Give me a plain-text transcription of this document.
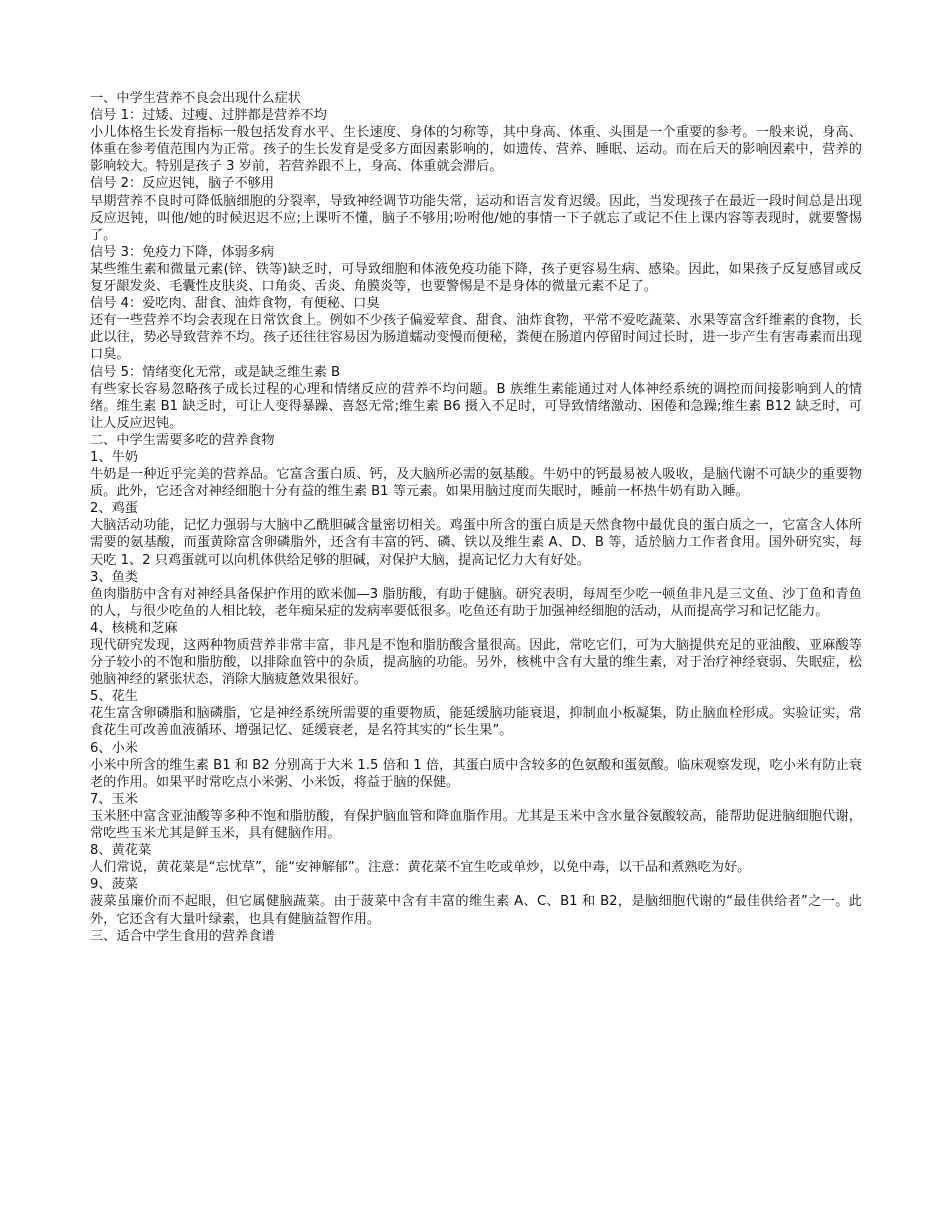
一、中学生营养不良会出现什么症状
信号 1：过矮、过瘦、过胖都是营养不均

小儿体格生长发育指标一般包括发育水平、生长速度、身体的匀称等，其中身高、体重、头围是一个重要的参考。一般来说，身高、体重在参考值范围内为正常。孩子的生长发育是受多方面因素影响的，如遗传、营养、睡眠、运动。而在后天的影响因素中，营养的影响较大。特别是孩子 3 岁前，若营养跟不上，身高、体重就会滞后。

信号 2：反应迟钝，脑子不够用

早期营养不良时可降低脑细胞的分裂率，导致神经调节功能失常，运动和语言发育迟缓。因此，当发现孩子在最近一段时间总是出现反应迟钝，叫他/她的时候迟迟不应;上课听不懂，脑子不够用;吩咐他/她的事情一下子就忘了或记不住上课内容等表现时，就要警惕了。

信号 3：免疫力下降，体弱多病

某些维生素和微量元素(锌、铁等)缺乏时，可导致细胞和体液免疫功能下降，孩子更容易生病、感染。因此，如果孩子反复感冒或反复牙龈发炎、毛囊性皮肤炎、口角炎、舌炎、角膜炎等，也要警惕是不是身体的微量元素不足了。

信号 4：爱吃肉、甜食、油炸食物，有便秘、口臭

还有一些营养不均会表现在日常饮食上。例如不少孩子偏爱荤食、甜食、油炸食物，平常不爱吃蔬菜、水果等富含纤维素的食物，长此以往，势必导致营养不均。孩子还往往容易因为肠道蠕动变慢而便秘，粪便在肠道内停留时间过长时，进一步产生有害毒素而出现口臭。

信号 5：情绪变化无常，或是缺乏维生素 B

有些家长容易忽略孩子成长过程的心理和情绪反应的营养不均问题。B 族维生素能通过对人体神经系统的调控而间接影响到人的情绪。维生素 B1 缺乏时，可让人变得暴躁、喜怒无常;维生素 B6 摄入不足时，可导致情绪激动、困倦和急躁;维生素 B12 缺乏时，可让人反应迟钝。

二、中学生需要多吃的营养食物
1、牛奶

牛奶是一种近乎完美的营养品。它富含蛋白质、钙，及大脑所必需的氨基酸。牛奶中的钙最易被人吸收，是脑代谢不可缺少的重要物质。此外，它还含对神经细胞十分有益的维生素 B1 等元素。如果用脑过度而失眠时，睡前一杯热牛奶有助入睡。

2、鸡蛋

大脑活动功能，记忆力强弱与大脑中乙酰胆碱含量密切相关。鸡蛋中所含的蛋白质是天然食物中最优良的蛋白质之一，它富含人体所需要的氨基酸，而蛋黄除富含卵磷脂外，还含有丰富的钙、磷、铁以及维生素 A、D、B 等，适於脑力工作者食用。国外研究实，每天吃 1、2 只鸡蛋就可以向机体供给足够的胆碱，对保护大脑，提高记忆力大有好处。

3、鱼类

鱼肉脂肪中含有对神经具备保护作用的欧米伽—3 脂肪酸，有助于健脑。研究表明，每周至少吃一顿鱼非凡是三文鱼、沙丁鱼和青鱼的人，与很少吃鱼的人相比较，老年痴呆症的发病率要低很多。吃鱼还有助于加强神经细胞的活动，从而提高学习和记忆能力。

4、核桃和芝麻

现代研究发现，这两种物质营养非常丰富，非凡是不饱和脂肪酸含量很高。因此，常吃它们，可为大脑提供充足的亚油酸、亚麻酸等分子较小的不饱和脂肪酸，以排除血管中的杂质，提高脑的功能。另外，核桃中含有大量的维生素，对于治疗神经衰弱、失眠症，松弛脑神经的紧张状态，消除大脑疲惫效果很好。

5、花生

花生富含卵磷脂和脑磷脂，它是神经系统所需要的重要物质，能延缓脑功能衰退，抑制血小板凝集，防止脑血栓形成。实验证实，常食花生可改善血液循环、增强记忆、延缓衰老，是名符其实的“长生果”。

6、小米

小米中所含的维生素 B1 和 B2 分别高于大米 1.5 倍和 1 倍，其蛋白质中含较多的色氨酸和蛋氨酸。临床观察发现，吃小米有防止衰老的作用。如果平时常吃点小米粥、小米饭，将益于脑的保健。

7、玉米

玉米胚中富含亚油酸等多种不饱和脂肪酸，有保护脑血管和降血脂作用。尤其是玉米中含水量谷氨酸较高，能帮助促进脑细胞代谢，常吃些玉米尤其是鲜玉米，具有健脑作用。

8、黄花菜

人们常说，黄花菜是“忘忧草”，能“安神解郁”。注意：黄花菜不宜生吃或单炒，以免中毒，以干品和煮熟吃为好。

9、菠菜

菠菜虽廉价而不起眼，但它属健脑蔬菜。由于菠菜中含有丰富的维生素 A、C、B1 和 B2，是脑细胞代谢的“最佳供给者”之一。此外，它还含有大量叶绿素，也具有健脑益智作用。

三、适合中学生食用的营养食谱
